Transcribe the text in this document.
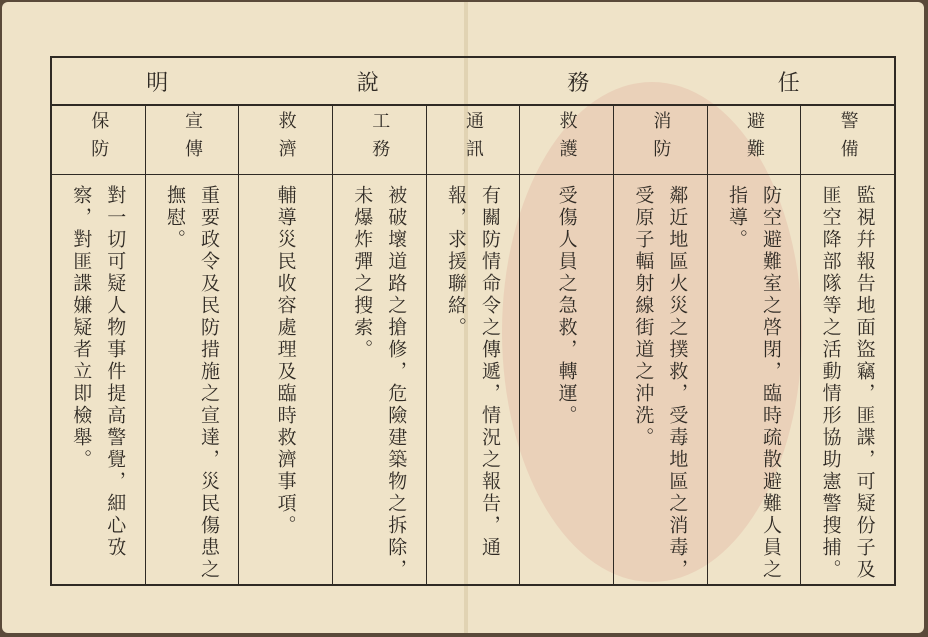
任
務
說
明
警備
監視幷報告地面盜竊，匪諜，可疑份子及匪空降部隊等之活動情形協助憲警搜捕。
避難
防空避難室之啓閉，臨時疏散避難人員之指導。
消防
鄰近地區火災之撲救，受毒地區之消毒，受原子輻射線街道之沖洗。
救護
受傷人員之急救，轉運。
通訊
有關防情命令之傳遞，情況之報告，通報，求援聯絡。
工務
被破壞道路之搶修，危險建築物之拆除，未爆炸彈之搜索。
救濟
輔導災民收容處理及臨時救濟事項。
宣傳
重要政令及民防措施之宣達，災民傷患之撫慰。
保防
對一切可疑人物事件提高警覺，細心攷察，對匪諜嫌疑者立即檢舉。
